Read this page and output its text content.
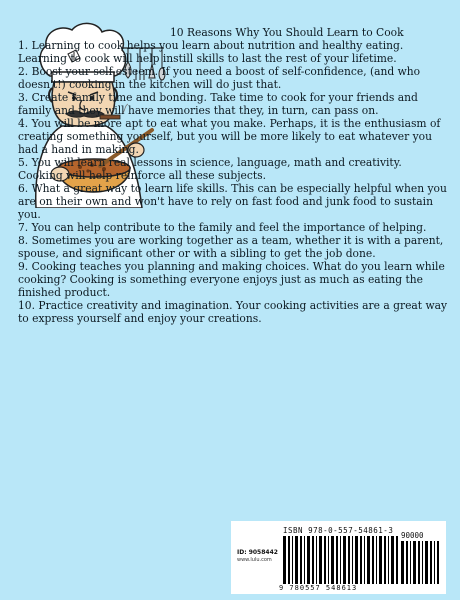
10 Reasons Why You Should Learn to Cook

1. Learning to cook helps you learn about nutrition and healthy eating. Learning to cook will help instill skills to last the rest of your lifetime.

2. Boost your self-esteem. If you need a boost of self-confidence, (and who doesn't!) cooking in the kitchen will do just that.

3. Create family time and bonding. Take time to cook for your friends and family and they will have memories that they, in turn, can pass on.

4. You will be more apt to eat what you make. Perhaps, it is the enthusiasm of creating something yourself, but you will be more likely to eat whatever you had a hand in making.

5. You will learn real lessons in science, language, math and creativity. Cooking will help reinforce all these subjects.

6. What a great way to learn life skills. This can be especially helpful when you are on their own and won't have to rely on fast food and junk food to sustain you.

7. You can help contribute to the family and feel the importance of helping.

8. Sometimes you are working together as a team, whether it is with a parent, spouse, and significant other or with a sibling to get the job done.

9. Cooking teaches you planning and making choices. What do you learn while cooking? Cooking is something everyone enjoys just as much as eating the finished product.

10. Practice creativity and imagination. Your cooking activities are a great way to express yourself and enjoy your creations.

ISBN 978-0-557-54861-3
ID: 9058442
www.lulu.com
90000
9 780557 548613
